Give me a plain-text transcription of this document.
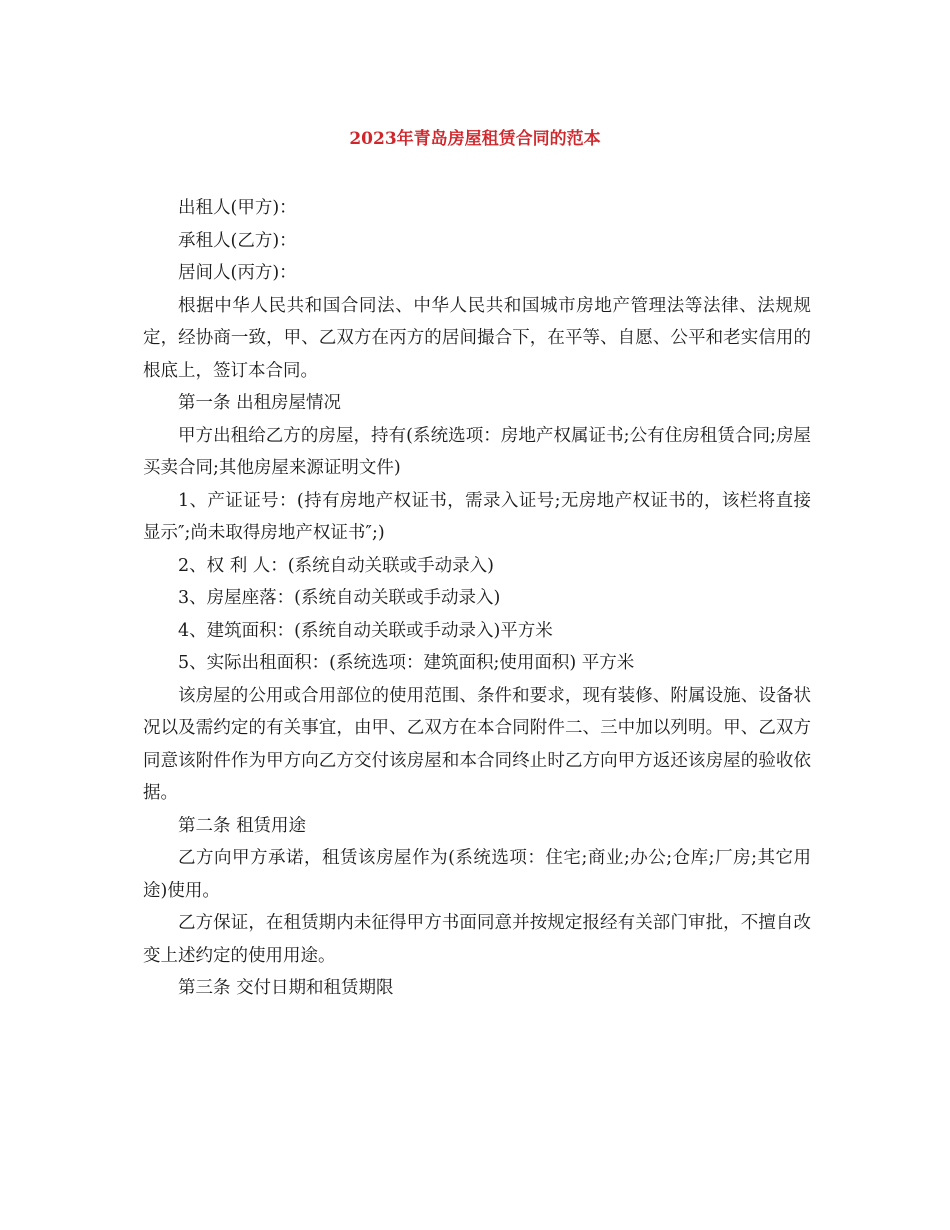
2023年青岛房屋租赁合同的范本

出租人(甲方)：

承租人(乙方)：

居间人(丙方)：

根据中华人民共和国合同法、中华人民共和国城市房地产管理法等法律、法规规定，经协商一致，甲、乙双方在丙方的居间撮合下，在平等、自愿、公平和老实信用的根底上，签订本合同。

第一条 出租房屋情况

甲方出租给乙方的房屋，持有(系统选项：房地产权属证书;公有住房租赁合同;房屋买卖合同;其他房屋来源证明文件)

1、产证证号：(持有房地产权证书，需录入证号;无房地产权证书的，该栏将直接显示″;尚未取得房地产权证书″;)

2、权 利 人：(系统自动关联或手动录入)

3、房屋座落：(系统自动关联或手动录入)

4、建筑面积：(系统自动关联或手动录入)平方米

5、实际出租面积：(系统选项：建筑面积;使用面积) 平方米

该房屋的公用或合用部位的使用范围、条件和要求，现有装修、附属设施、设备状况以及需约定的有关事宜，由甲、乙双方在本合同附件二、三中加以列明。甲、乙双方同意该附件作为甲方向乙方交付该房屋和本合同终止时乙方向甲方返还该房屋的验收依据。

第二条 租赁用途

乙方向甲方承诺，租赁该房屋作为(系统选项：住宅;商业;办公;仓库;厂房;其它用途)使用。

乙方保证，在租赁期内未征得甲方书面同意并按规定报经有关部门审批，不擅自改变上述约定的使用用途。

第三条 交付日期和租赁期限
